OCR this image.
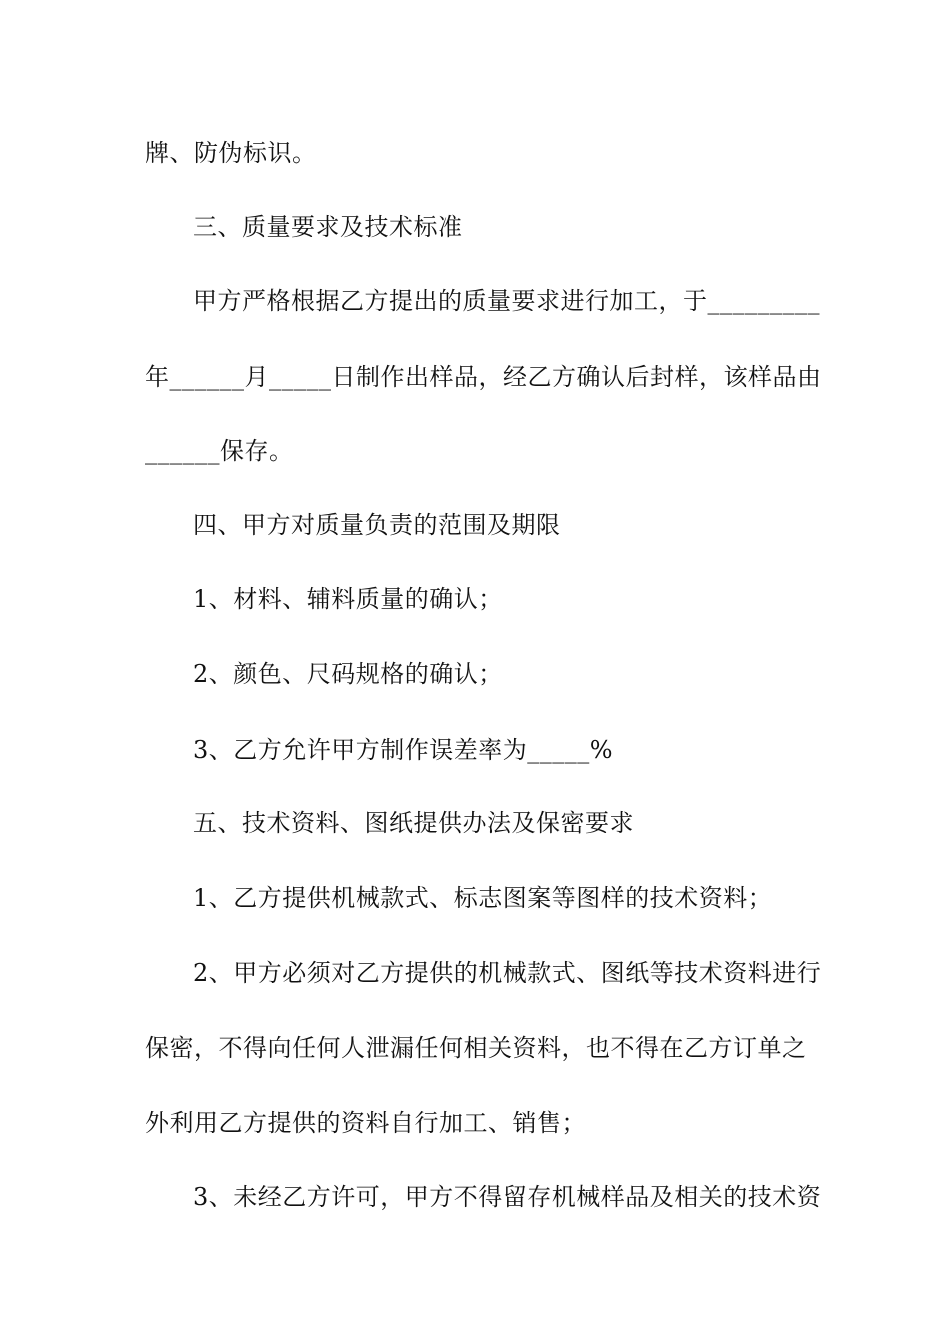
牌、防伪标识。
三、质量要求及技术标准
甲方严格根据乙方提出的质量要求进行加工，于_________
年______月_____日制作出样品，经乙方确认后封样，该样品由
______保存。
四、甲方对质量负责的范围及期限
1、材料、辅料质量的确认；
2、颜色、尺码规格的确认；
3、乙方允许甲方制作误差率为_____%
五、技术资料、图纸提供办法及保密要求
1、乙方提供机械款式、标志图案等图样的技术资料；
2、甲方必须对乙方提供的机械款式、图纸等技术资料进行
保密，不得向任何人泄漏任何相关资料，也不得在乙方订单之
外利用乙方提供的资料自行加工、销售；
3、未经乙方许可，甲方不得留存机械样品及相关的技术资
